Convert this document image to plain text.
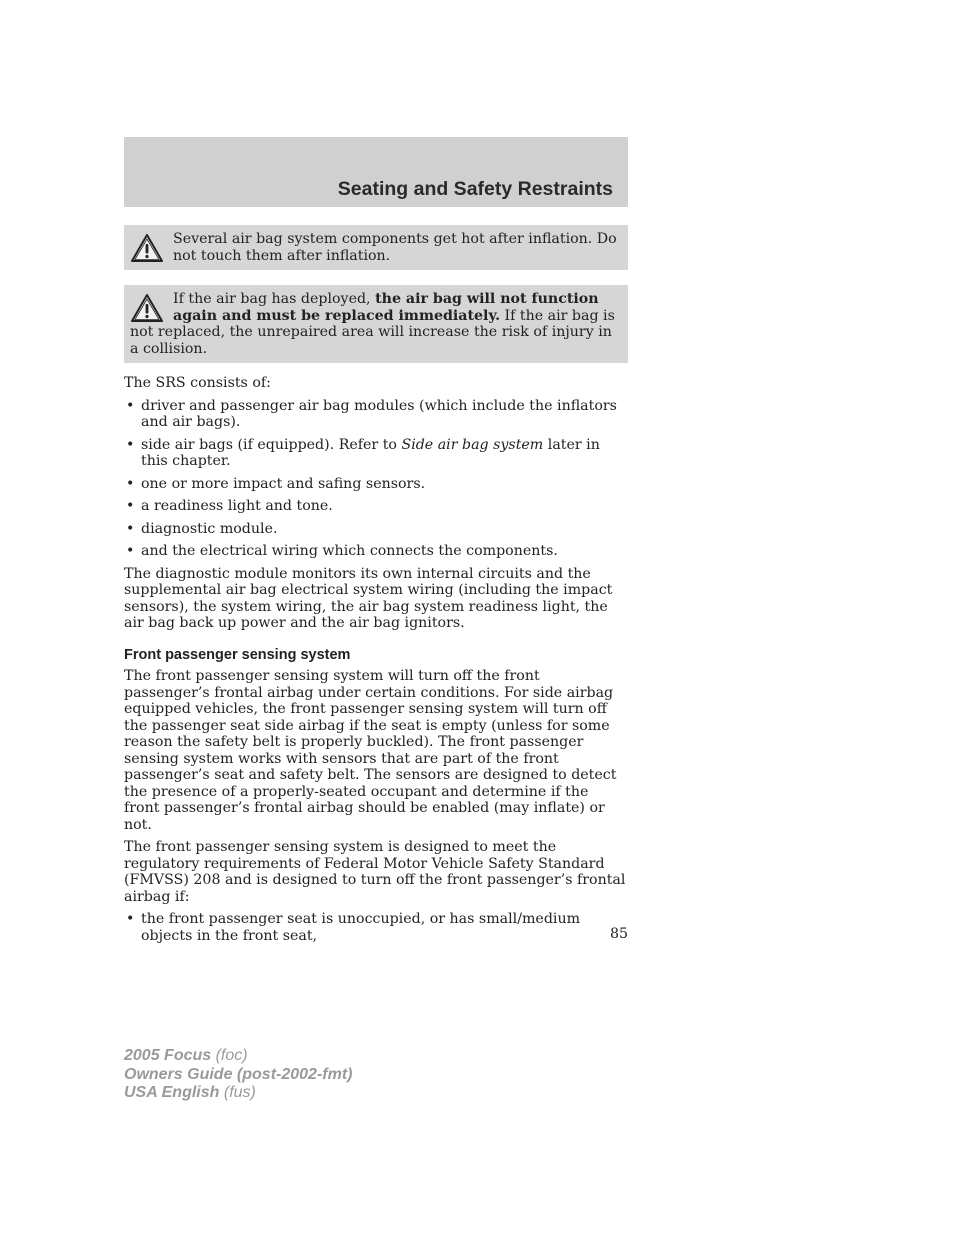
Seating and Safety Restraints
Several air bag system components get hot after inflation. Do not touch them after inflation.
If the air bag has deployed, the air bag will not function again and must be replaced immediately. If the air bag is not replaced, the unrepaired area will increase the risk of injury in a collision.

The SRS consists of:

• driver and passenger air bag modules (which include the inflators and air bags).
• side air bags (if equipped). Refer to Side air bag system later in this chapter.
• one or more impact and safing sensors.
• a readiness light and tone.
• diagnostic module.
• and the electrical wiring which connects the components.

The diagnostic module monitors its own internal circuits and the supplemental air bag electrical system wiring (including the impact sensors), the system wiring, the air bag system readiness light, the air bag back up power and the air bag ignitors.

Front passenger sensing system

The front passenger sensing system will turn off the front passenger’s frontal airbag under certain conditions. For side airbag equipped vehicles, the front passenger sensing system will turn off the passenger seat side airbag if the seat is empty (unless for some reason the safety belt is properly buckled). The front passenger sensing system works with sensors that are part of the front passenger’s seat and safety belt. The sensors are designed to detect the presence of a properly-seated occupant and determine if the front passenger’s frontal airbag should be enabled (may inflate) or not.

The front passenger sensing system is designed to meet the regulatory requirements of Federal Motor Vehicle Safety Standard (FMVSS) 208 and is designed to turn off the front passenger’s frontal airbag if:

• the front passenger seat is unoccupied, or has small/medium objects in the front seat,	85
2005 Focus (foc)
Owners Guide (post-2002-fmt)
USA English (fus)
